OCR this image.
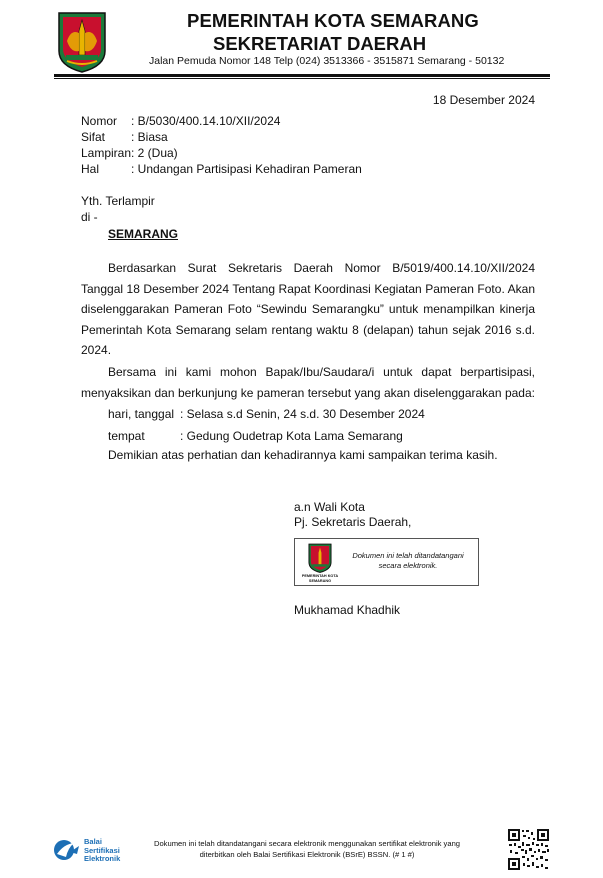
PEMERINTAH KOTA SEMARANG
SEKRETARIAT DAERAH
Jalan Pemuda Nomor 148 Telp (024) 3513366 - 3515871 Semarang - 50132
18 Desember 2024
Nomor : B/5030/400.14.10/XII/2024
Sifat : Biasa
Lampiran : 2 (Dua)
Hal	: Undangan Partisipasi Kehadiran Pameran
Yth. Terlampir
di -
SEMARANG
Berdasarkan Surat Sekretaris Daerah Nomor B/5019/400.14.10/XII/2024
Tanggal 18 Desember 2024 Tentang Rapat Koordinasi Kegiatan Pameran Foto. Akan
diselenggarakan Pameran Foto “Sewindu Semarangku” untuk menampilkan kinerja
Pemerintah Kota Semarang selam rentang waktu 8 (delapan) tahun sejak 2016 s.d.
2024.
Bersama ini kami mohon Bapak/Ibu/Saudara/i untuk dapat berpartisipasi,
menyaksikan dan berkunjung ke pameran tersebut yang akan diselenggarakan pada:
hari, tanggal : Selasa s.d Senin, 24 s.d. 30 Desember 2024
tempat	: Gedung Oudetrap Kota Lama Semarang
Demikian atas perhatian dan kehadirannya kami sampaikan terima kasih.
a.n Wali Kota
Pj. Sekretaris Daerah,
PEMERINTAH KOTA SEMARANG
Dokumen ini telah ditandatangani secara elektronik.
Mukhamad Khadhik
Balai
Sertifikasi
Elektronik
Dokumen ini telah ditandatangani secara elektronik menggunakan sertifikat elektronik yang diterbitkan oleh Balai Sertifikasi Elektronik (BSrE) BSSN. (# 1 #)
